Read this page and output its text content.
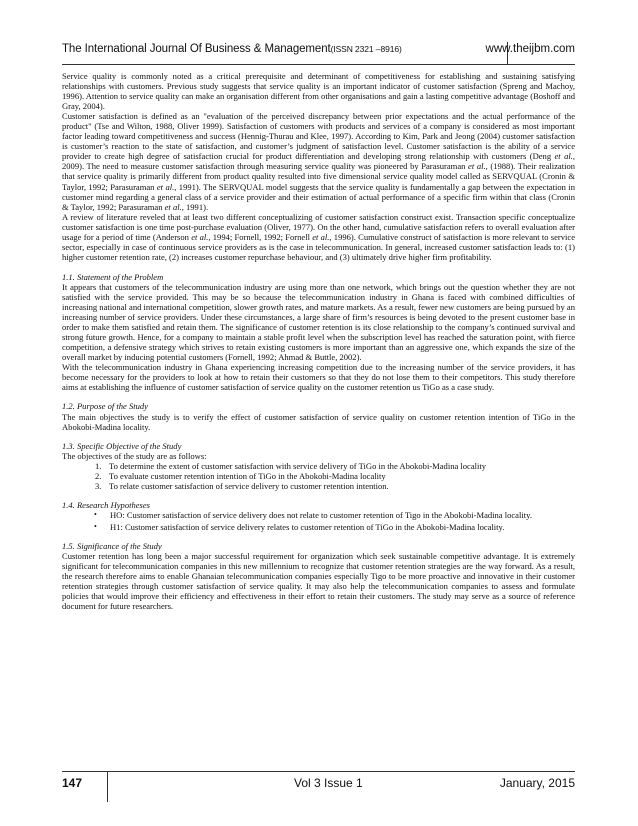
The International Journal Of Business & Management(ISSN 2321 –8916)	www.theijbm.com

Service quality is commonly noted as a critical prerequisite and determinant of competitiveness for establishing and sustaining satisfying relationships with customers. Previous study suggests that service quality is an important indicator of customer satisfaction (Spreng and Machoy, 1996). Attention to service quality can make an organisation different from other organisations and gain a lasting competitive advantage (Boshoff and Gray, 2004).

Customer satisfaction is defined as an "evaluation of the perceived discrepancy between prior expectations and the actual performance of the product" (Tse and Wilton, 1988, Oliver 1999). Satisfaction of customers with products and services of a company is considered as most important factor leading toward competitiveness and success (Hennig-Thurau and Klee, 1997). According to Kim, Park and Jeong (2004) customer satisfaction is customer’s reaction to the state of satisfaction, and customer’s judgment of satisfaction level. Customer satisfaction is the ability of a service provider to create high degree of satisfaction crucial for product differentiation and developing strong relationship with customers (Deng et al., 2009). The need to measure customer satisfaction through measuring service quality was pioneered by Parasuraman et al., (1988). Their realization that service quality is primarily different from product quality resulted into five dimensional service quality model called as SERVQUAL (Cronin & Taylor, 1992; Parasuraman et al., 1991). The SERVQUAL model suggests that the service quality is fundamentally a gap between the expectation in customer mind regarding a general class of a service provider and their estimation of actual performance of a specific firm within that class (Cronin & Taylor, 1992; Parasuraman et al., 1991).

A review of literature reveled that at least two different conceptualizing of customer satisfaction construct exist. Transaction specific conceptualize customer satisfaction is one time post-purchase evaluation (Oliver, 1977). On the other hand, cumulative satisfaction refers to overall evaluation after usage for a period of time (Anderson et al., 1994; Fornell, 1992; Fornell et al., 1996). Cumulative construct of satisfaction is more relevant to service sector, especially in case of continuous service providers as is the case in telecommunication. In general, increased customer satisfaction leads to: (1) higher customer retention rate, (2) increases customer repurchase behaviour, and (3) ultimately drive higher firm profitability.

1.1. Statement of the Problem

It appears that customers of the telecommunication industry are using more than one network, which brings out the question whether they are not satisfied with the service provided. This may be so because the telecommunication industry in Ghana is faced with combined difficulties of increasing national and international competition, slower growth rates, and mature markets. As a result, fewer new customers are being pursued by an increasing number of service providers. Under these circumstances, a large share of firm’s resources is being devoted to the present customer base in order to make them satisfied and retain them. The significance of customer retention is its close relationship to the company’s continued survival and strong future growth. Hence, for a company to maintain a stable profit level when the subscription level has reached the saturation point, with fierce competition, a defensive strategy which strives to retain existing customers is more important than an aggressive one, which expands the size of the overall market by inducing potential customers (Fornell, 1992; Ahmad & Buttle, 2002).

With the telecommunication industry in Ghana experiencing increasing competition due to the increasing number of the service providers, it has become necessary for the providers to look at how to retain their customers so that they do not lose them to their competitors. This study therefore aims at establishing the influence of customer satisfaction of service quality on the customer retention us TiGo as a case study.

1.2. Purpose of the Study

The main objectives the study is to verify the effect of customer satisfaction of service quality on customer retention intention of TiGo in the Abokobi-Madina locality.

1.3. Specific Objective of the Study

The objectives of the study are as follows:

1. To determine the extent of customer satisfaction with service delivery of TiGo in the Abokobi-Madina locality
2. To evaluate customer retention intention of TiGo in the Abokobi-Madina locality
3. To relate customer satisfaction of service delivery to customer retention intention.

1.4. Research Hypotheses

• HO: Customer satisfaction of service delivery does not relate to customer retention of Tigo in the Abokobi-Madina locality.
• H1: Customer satisfaction of service delivery relates to customer retention of TiGo in the Abokobi-Madina locality.

1.5. Significance of the Study

Customer retention has long been a major successful requirement for organization which seek sustainable competitive advantage. It is extremely significant for telecommunication companies in this new millennium to recognize that customer retention strategies are the way forward. As a result, the research therefore aims to enable Ghanaian telecommunication companies especially Tigo to be more proactive and innovative in their customer retention strategies through customer satisfaction of service quality. It may also help the telecommunication companies to assess and formulate policies that would improve their efficiency and effectiveness in their effort to retain their customers. The study may serve as a source of reference document for future researchers.

147	Vol 3 Issue 1	January, 2015
